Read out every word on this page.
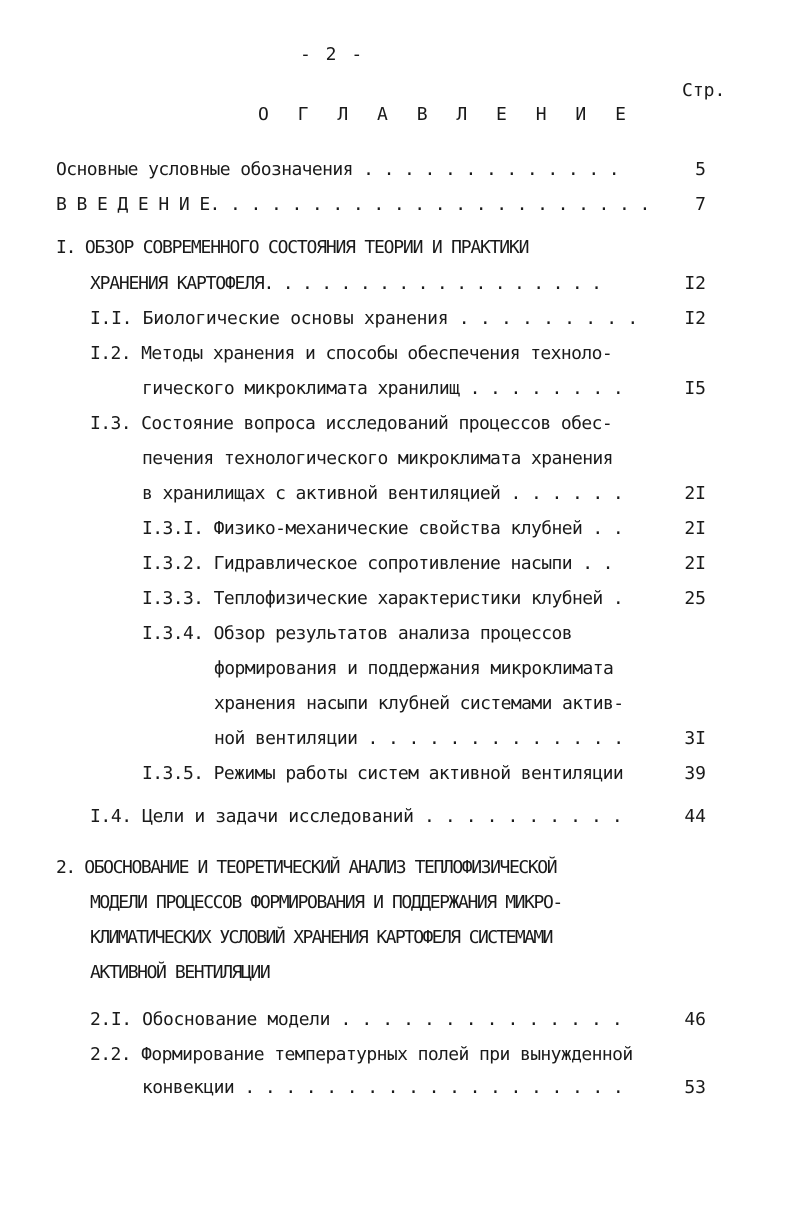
- 2 -
Стр.
О Г Л А В Л Е Н И Е
Основные условные обозначения . . . . . . . . . . . . .	5
В В Е Д Е Н И Е. . . . . . . . . . . . . . . . . . . . . .	7
I. ОБЗОР СОВРЕМЕННОГО СОСТОЯНИЯ ТЕОРИИ И ПРАКТИКИ
ХРАНЕНИЯ КАРТОФЕЛЯ. . . . . . . . . . . . . . . . . .	I2
I.I. Биологические основы хранения . . . . . . . . .	I2
I.2. Методы хранения и способы обеспечения техноло-
гического микроклимата хранилищ . . . . . . . .	I5
I.3. Состояние вопроса исследований процессов обес-
печения технологического микроклимата хранения
в хранилищах с активной вентиляцией . . . . . .	2I
I.3.I. Физико-механические свойства клубней . .	2I
I.3.2. Гидравлическое сопротивление насыпи . .	2I
I.3.3. Теплофизические характеристики клубней .	25
I.3.4. Обзор результатов анализа процессов
формирования и поддержания микроклимата
хранения насыпи клубней системами актив-
ной вентиляции . . . . . . . . . . . . .	3I
I.3.5. Режимы работы систем активной вентиляции	39
I.4. Цели и задачи исследований . . . . . . . . . .	44
2. ОБОСНОВАНИЕ И ТЕОРЕТИЧЕСКИЙ АНАЛИЗ ТЕПЛОФИЗИЧЕСКОЙ
МОДЕЛИ ПРОЦЕССОВ ФОРМИРОВАНИЯ И ПОДДЕРЖАНИЯ МИКРО-
КЛИМАТИЧЕСКИХ УСЛОВИЙ ХРАНЕНИЯ КАРТОФЕЛЯ СИСТЕМАМИ
АКТИВНОЙ ВЕНТИЛЯЦИИ
2.I. Обоснование модели . . . . . . . . . . . . . .	46
2.2. Формирование температурных полей при вынужденной
конвекции . . . . . . . . . . . . . . . . . . .	53
